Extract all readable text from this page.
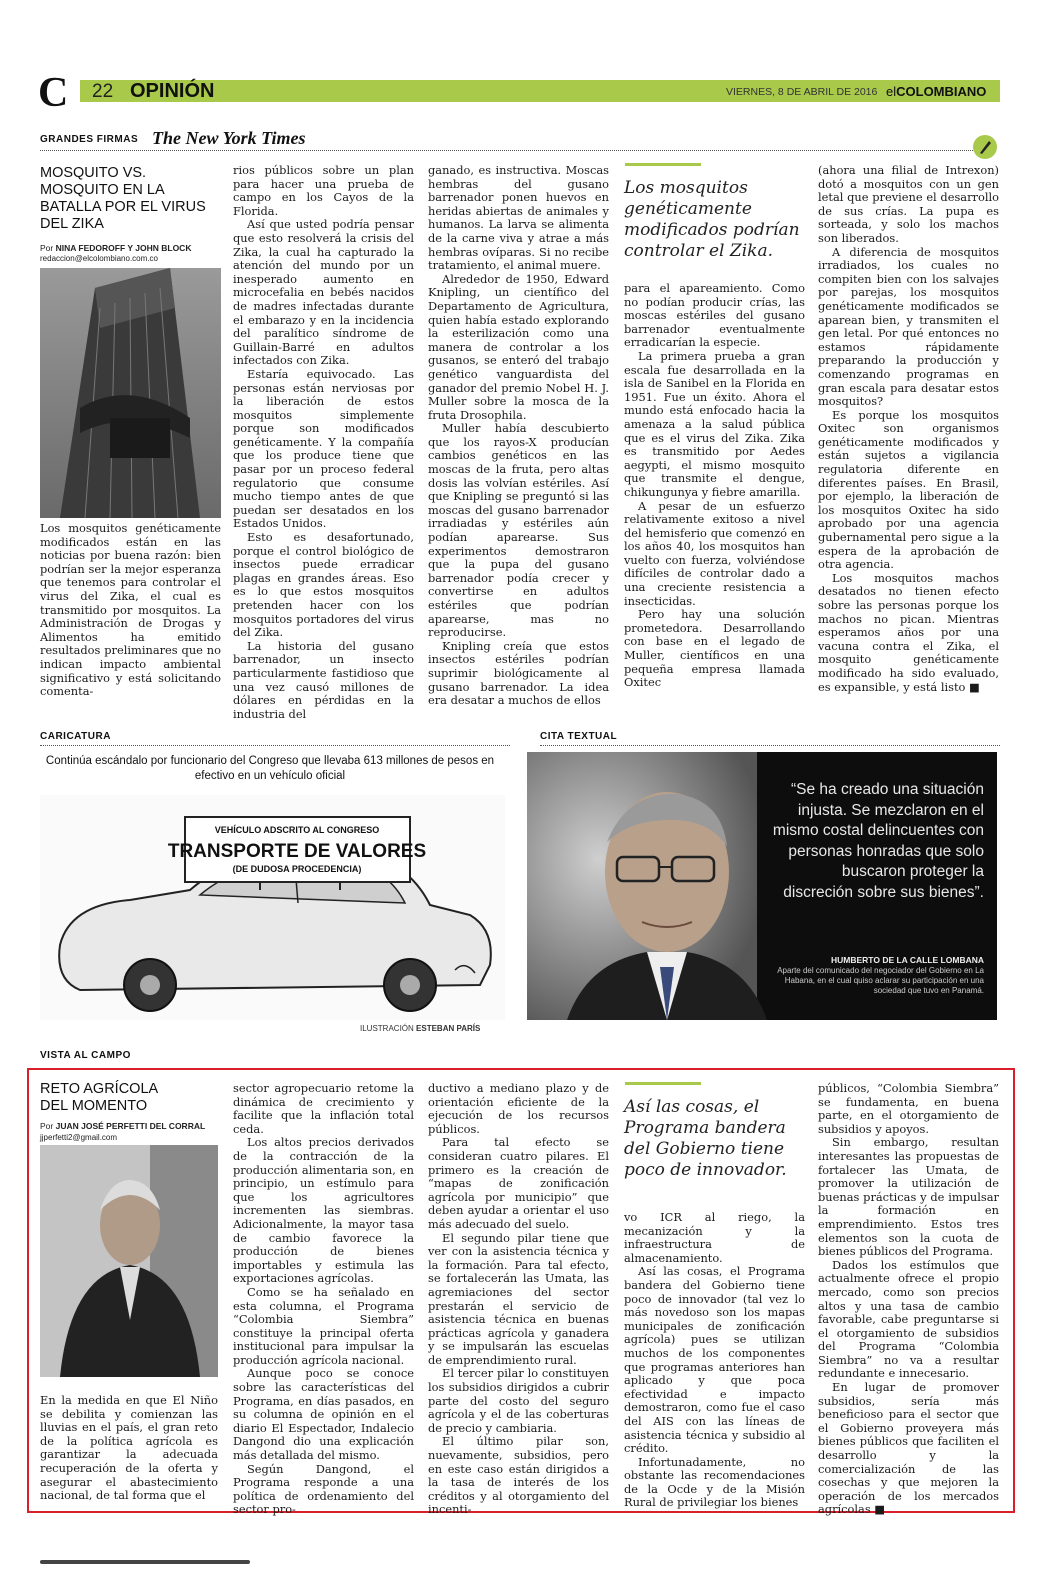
C 22 OPINIÓN	VIERNES, 8 DE ABRIL DE 2016 elCOLOMBIANO
GRANDES FIRMAS The New York Times
MOSQUITO VS.
MOSQUITO EN LA
BATALLA POR EL VIRUS
DEL ZIKA
Por NINA FEDOROFF Y JOHN BLOCK
redaccion@elcolombiano.com.co

Los mosquitos genéticamente modificados están en las noticias por buena razón: bien podrían ser la mejor esperanza que tenemos para controlar el virus del Zika, el cual es transmitido por mosquitos. La Administración de Drogas y Alimentos ha emitido resultados preliminares que no indican impacto ambiental significativo y está solicitando comenta-

rios públicos sobre un plan para hacer una prueba de campo en los Cayos de la Florida.

Así que usted podría pensar que esto resolverá la crisis del Zika, la cual ha capturado la atención del mundo por un inesperado aumento en microcefalia en bebés nacidos de madres infectadas durante el embarazo y en la incidencia del paralítico síndrome de Guillain-Barré en adultos infectados con Zika.

Estaría equivocado. Las personas están nerviosas por la liberación de estos mosquitos simplemente porque son modificados genéticamente. Y la compañía que los produce tiene que pasar por un proceso federal regulatorio que consume mucho tiempo antes de que puedan ser desatados en los Estados Unidos.

Esto es desafortunado, porque el control biológico de insectos puede erradicar plagas en grandes áreas. Eso es lo que estos mosquitos pretenden hacer con los mosquitos portadores del virus del Zika.

La historia del gusano barrenador, un insecto particularmente fastidioso que una vez causó millones de dólares en pérdidas en la industria del

ganado, es instructiva. Moscas hembras del gusano barrenador ponen huevos en heridas abiertas de animales y humanos. La larva se alimenta de la carne viva y atrae a más hembras ovíparas. Si no recibe tratamiento, el animal muere.

Alrededor de 1950, Edward Knipling, un científico del Departamento de Agricultura, quien había estado explorando la esterilización como una manera de controlar a los gusanos, se enteró del trabajo genético vanguardista del ganador del premio Nobel H. J. Muller sobre la mosca de la fruta Drosophila.

Muller había descubierto que los rayos-X producían cambios genéticos en las moscas de la fruta, pero altas dosis las volvían estériles. Así que Knipling se preguntó si las moscas del gusano barrenador irradiadas y estériles aún podían aparearse. Sus experimentos demostraron que la pupa del gusano barrenador podía crecer y convertirse en adultos estériles que podrían aparearse, mas no reproducirse.

Knipling creía que estos insectos estériles podrían suprimir biológicamente al gusano barrenador. La idea era desatar a muchos de ellos

Los mosquitos genéticamente modificados podrían controlar el Zika.

para el apareamiento. Como no podían producir crías, las moscas estériles del gusano barrenador eventualmente erradicarían la especie.

La primera prueba a gran escala fue desarrollada en la isla de Sanibel en la Florida en 1951. Fue un éxito. Ahora el mundo está enfocado hacia la amenaza a la salud pública que es el virus del Zika. Zika es transmitido por Aedes aegypti, el mismo mosquito que transmite el dengue, chikungunya y fiebre amarilla.

A pesar de un esfuerzo relativamente exitoso a nivel del hemisferio que comenzó en los años 40, los mosquitos han vuelto con fuerza, volviéndose difíciles de controlar dado a una creciente resistencia a insecticidas.

Pero hay una solución prometedora. Desarrollando con base en el legado de Muller, científicos en una pequeña empresa llamada Oxitec

(ahora una filial de Intrexon) dotó a mosquitos con un gen letal que previene el desarrollo de sus crías. La pupa es sorteada, y solo los machos son liberados.

A diferencia de mosquitos irradiados, los cuales no compiten bien con los salvajes por parejas, los mosquitos genéticamente modificados se aparean bien, y transmiten el gen letal. Por qué entonces no estamos rápidamente preparando la producción y comenzando programas en gran escala para desatar estos mosquitos?

Es porque los mosquitos Oxitec son organismos genéticamente modificados y están sujetos a vigilancia regulatoria diferente en diferentes países. En Brasil, por ejemplo, la liberación de los mosquitos Oxitec ha sido aprobado por una agencia gubernamental pero sigue a la espera de la aprobación de otra agencia.

Los mosquitos machos desatados no tienen efecto sobre las personas porque los machos no pican. Mientras esperamos años por una vacuna contra el Zika, el mosquito genéticamente modificado ha sido evaluado, es expansible, y está listo ■

CARICATURA
Continúa escándalo por funcionario del Congreso que llevaba 613 millones de pesos en efectivo en un vehículo oficial
VEHÍCULO ADSCRITO AL CONGRESO
TRANSPORTE DE VALORES
(DE DUDOSA PROCEDENCIA)
ILUSTRACIÓN ESTEBAN PARÍS
CITA TEXTUAL
“Se ha creado una situación injusta. Se mezclaron en el mismo costal delincuentes con personas honradas que solo buscaron proteger la discreción sobre sus bienes”.
HUMBERTO DE LA CALLE LOMBANA
Aparte del comunicado del negociador del Gobierno en La Habana, en el cual quiso aclarar su participación en una sociedad que tuvo en Panamá.
VISTA AL CAMPO
RETO AGRÍCOLA
DEL MOMENTO
Por JUAN JOSÉ PERFETTI DEL CORRAL
jjperfetti2@gmail.com

En la medida en que El Niño se debilita y comienzan las lluvias en el país, el gran reto de la política agrícola es garantizar la adecuada recuperación de la oferta y asegurar el abastecimiento nacional, de tal forma que el

sector agropecuario retome la dinámica de crecimiento y facilite que la inflación total ceda.

Los altos precios derivados de la contracción de la producción alimentaria son, en principio, un estímulo para que los agricultores incrementen las siembras. Adicionalmente, la mayor tasa de cambio favorece la producción de bienes importables y estimula las exportaciones agrícolas.

Como se ha señalado en esta columna, el Programa “Colombia Siembra” constituye la principal oferta institucional para impulsar la producción agrícola nacional.

Aunque poco se conoce sobre las características del Programa, en días pasados, en su columna de opinión en el diario El Espectador, Indalecio Dangond dio una explicación más detallada del mismo.

Según Dangond, el Programa responde a una política de ordenamiento del sector pro-

ductivo a mediano plazo y de orientación eficiente de la ejecución de los recursos públicos.

Para tal efecto se consideran cuatro pilares. El primero es la creación de “mapas de zonificación agrícola por municipio” que deben ayudar a orientar el uso más adecuado del suelo.

El segundo pilar tiene que ver con la asistencia técnica y la formación. Para tal efecto, se fortalecerán las Umata, las agremiaciones del sector prestarán el servicio de asistencia técnica en buenas prácticas agrícola y ganadera y se impulsarán las escuelas de emprendimiento rural.

El tercer pilar lo constituyen los subsidios dirigidos a cubrir parte del costo del seguro agrícola y el de las coberturas de precio y cambiaria.

El último pilar son, nuevamente, subsidios, pero en este caso están dirigidos a la tasa de interés de los créditos y al otorgamiento del incenti-

Así las cosas, el Programa bandera del Gobierno tiene poco de innovador.

vo ICR al riego, la mecanización y la infraestructura de almacenamiento.

Así las cosas, el Programa bandera del Gobierno tiene poco de innovador (tal vez lo más novedoso son los mapas municipales de zonificación agrícola) pues se utilizan muchos de los componentes que programas anteriores han aplicado y que poca efectividad e impacto demostraron, como fue el caso del AIS con las líneas de asistencia técnica y subsidio al crédito.

Infortunadamente, no obstante las recomendaciones de la Ocde y de la Misión Rural de privilegiar los bienes

públicos, “Colombia Siembra” se fundamenta, en buena parte, en el otorgamiento de subsidios y apoyos.

Sin embargo, resultan interesantes las propuestas de fortalecer las Umata, de promover la utilización de buenas prácticas y de impulsar la formación en emprendimiento. Estos tres elementos son la cuota de bienes públicos del Programa.

Dados los estímulos que actualmente ofrece el propio mercado, como son precios altos y una tasa de cambio favorable, cabe preguntarse si el otorgamiento de subsidios del Programa “Colombia Siembra” no va a resultar redundante e innecesario.

En lugar de promover subsidios, sería más beneficioso para el sector que el Gobierno proveyera más bienes públicos que faciliten el desarrollo y la comercialización de las cosechas y que mejoren la operación de los mercados agrícolas ■
